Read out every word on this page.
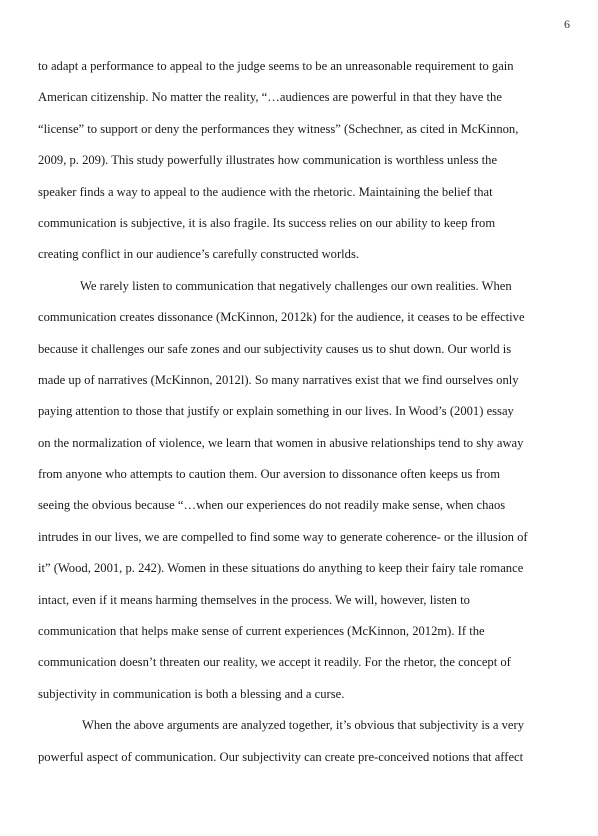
6
to adapt a performance to appeal to the judge seems to be an unreasonable requirement to gain
American citizenship. No matter the reality, “…audiences are powerful in that they have the
“license” to support or deny the performances they witness” (Schechner, as cited in McKinnon,
2009, p. 209). This study powerfully illustrates how communication is worthless unless the
speaker finds a way to appeal to the audience with the rhetoric. Maintaining the belief that
communication is subjective, it is also fragile. Its success relies on our ability to keep from
creating conflict in our audience’s carefully constructed worlds.
We rarely listen to communication that negatively challenges our own realities. When
communication creates dissonance (McKinnon, 2012k) for the audience, it ceases to be effective
because it challenges our safe zones and our subjectivity causes us to shut down. Our world is
made up of narratives (McKinnon, 2012l). So many narratives exist that we find ourselves only
paying attention to those that justify or explain something in our lives. In Wood’s (2001) essay
on the normalization of violence, we learn that women in abusive relationships tend to shy away
from anyone who attempts to caution them. Our aversion to dissonance often keeps us from
seeing the obvious because “…when our experiences do not readily make sense, when chaos
intrudes in our lives, we are compelled to find some way to generate coherence- or the illusion of
it” (Wood, 2001, p. 242). Women in these situations do anything to keep their fairy tale romance
intact, even if it means harming themselves in the process. We will, however, listen to
communication that helps make sense of current experiences (McKinnon, 2012m). If the
communication doesn’t threaten our reality, we accept it readily. For the rhetor, the concept of
subjectivity in communication is both a blessing and a curse.
When the above arguments are analyzed together, it’s obvious that subjectivity is a very
powerful aspect of communication. Our subjectivity can create pre-conceived notions that affect
